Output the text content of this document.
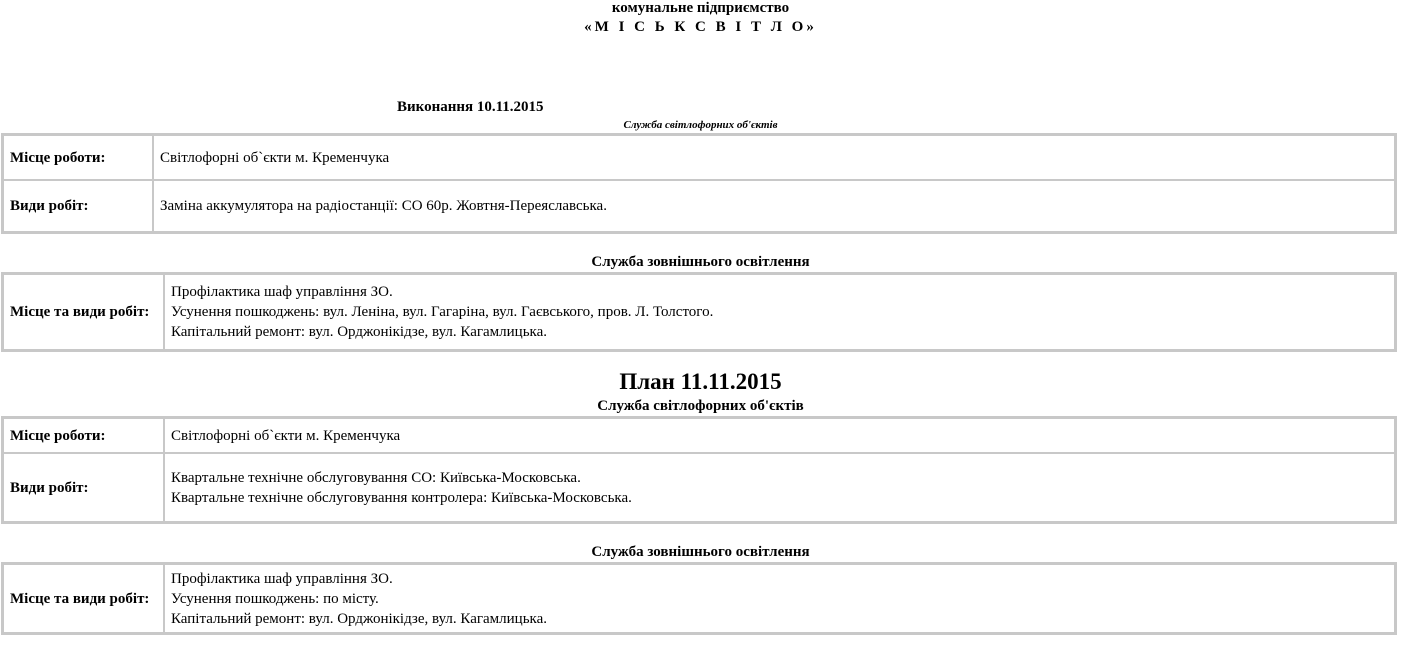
комунальне підприємство
«М І С Ь К С В І Т Л О»
Виконання 10.11.2015
Служба світлофорних об'єктів
Місце роботи:	Світлофорні об`єкти м. Кременчука
Види робіт:	Заміна аккумулятора на радіостанції: СО 60р. Жовтня-Переяславська.
Служба зовнішнього освітлення
Місце та види робіт:	
Профілактика шаф управління ЗО.
Усунення пошкоджень: вул. Леніна, вул. Гагаріна, вул. Гаєвського, пров. Л. Толстого.
Капітальний ремонт: вул. Орджонікідзе, вул. Кагамлицька.
План 11.11.2015
Служба світлофорних об'єктів
Місце роботи:	Світлофорні об`єкти м. Кременчука
Види робіт:	Квартальне технічне обслуговування СО: Київська-Московська.
Квартальне технічне обслуговування контролера: Київська-Московська.
Служба зовнішнього освітлення
Місце та види робіт:	
Профілактика шаф управління ЗО.
Усунення пошкоджень: по місту.
Капітальний ремонт: вул. Орджонікідзе, вул. Кагамлицька.
